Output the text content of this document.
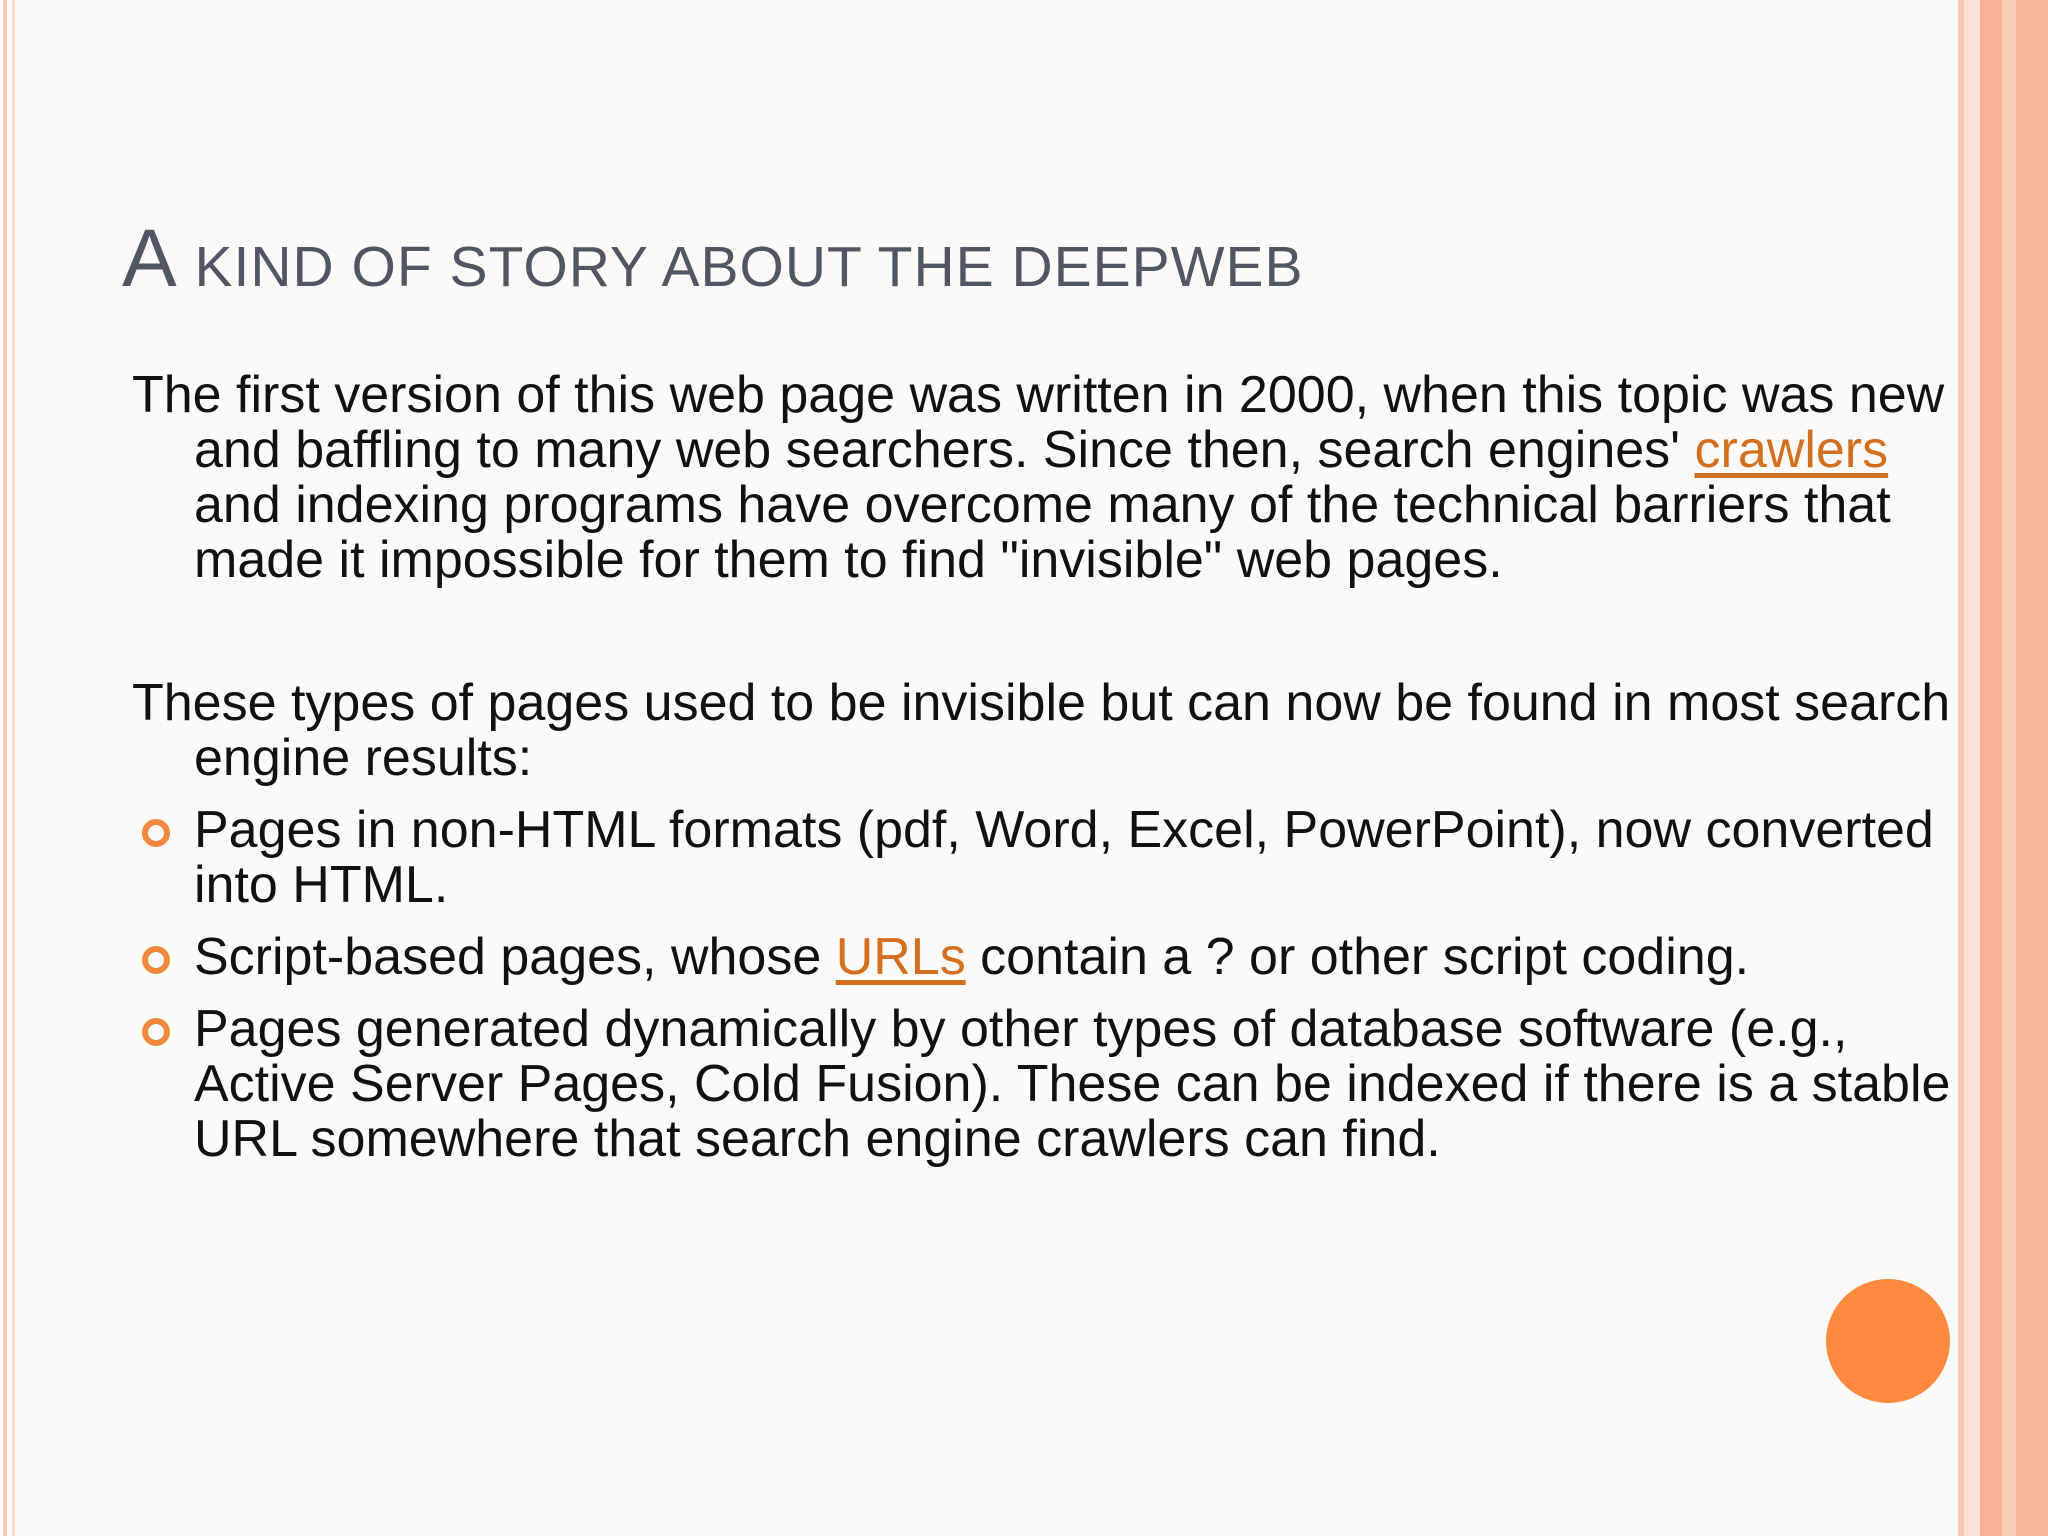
A KIND OF STORY ABOUT THE DEEPWEB

The first version of this web page was written in 2000, when this topic was new and baffling to many web searchers. Since then, search engines' crawlers and indexing programs have overcome many of the technical barriers that made it impossible for them to find "invisible" web pages.

These types of pages used to be invisible but can now be found in most search engine results:

Pages in non-HTML formats (pdf, Word, Excel, PowerPoint), now converted into HTML.
Script-based pages, whose URLs contain a ? or other script coding.
Pages generated dynamically by other types of database software (e.g., Active Server Pages, Cold Fusion). These can be indexed if there is a stable URL somewhere that search engine crawlers can find.
